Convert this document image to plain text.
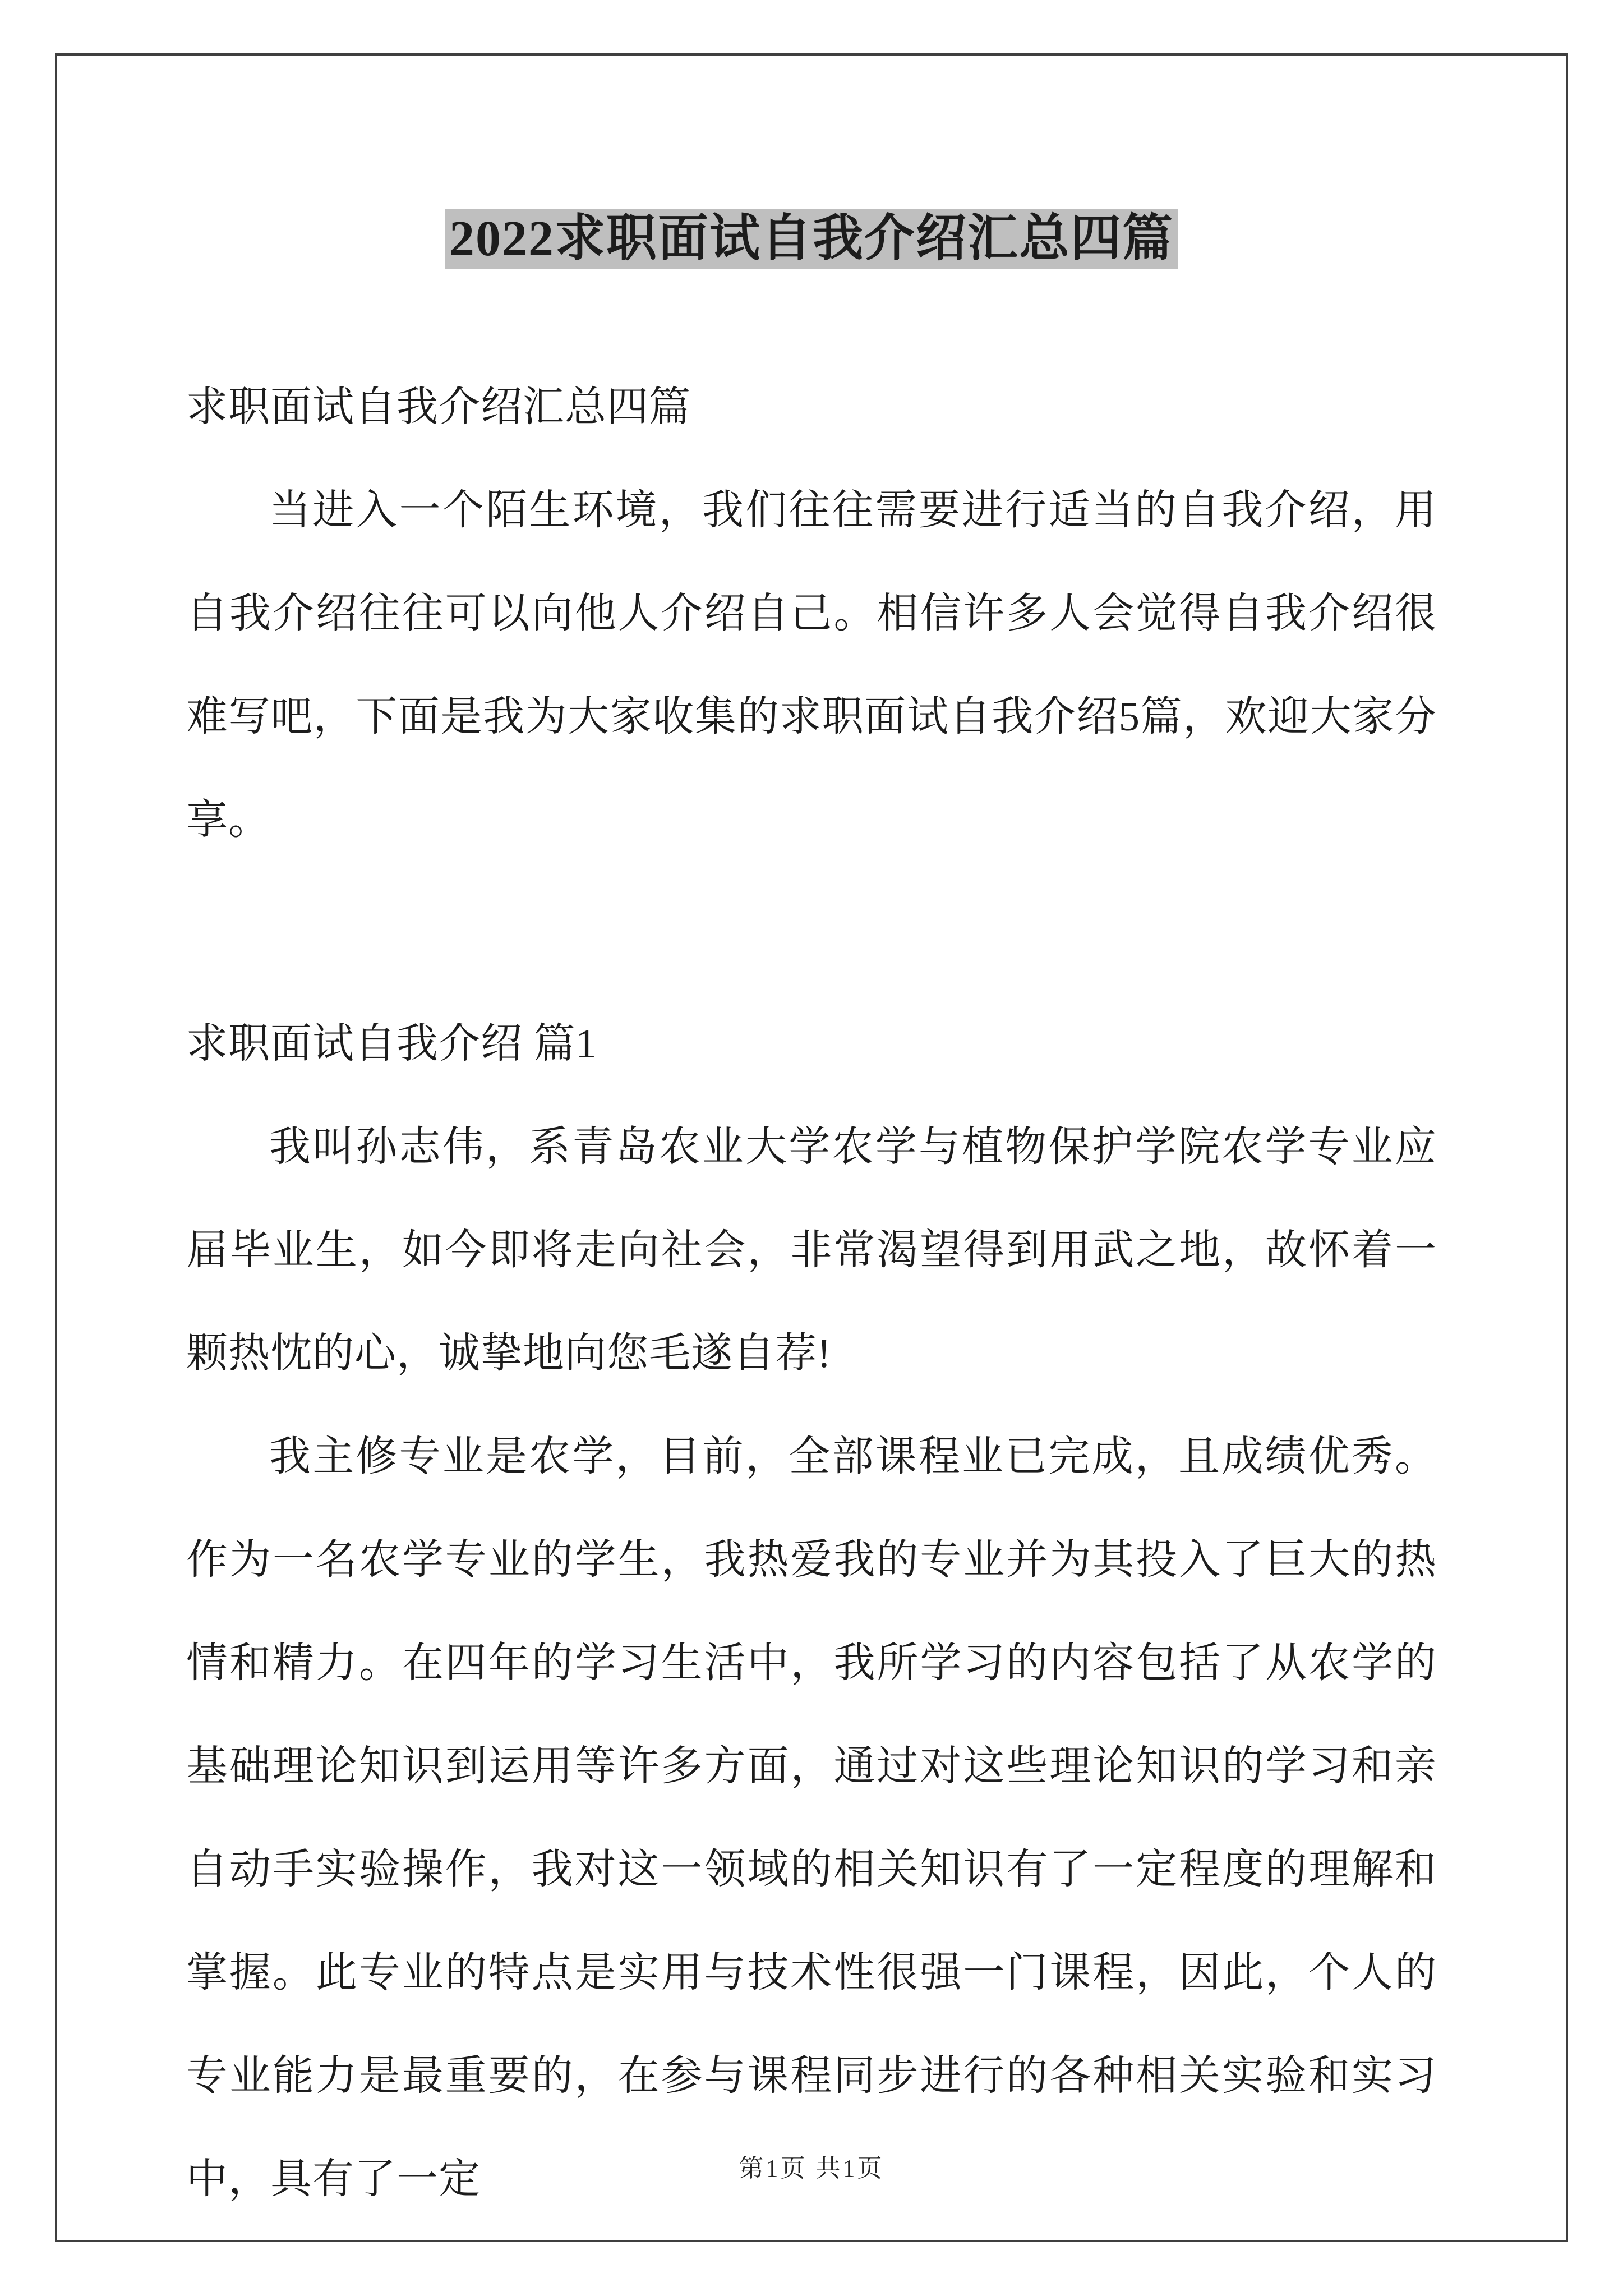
2022求职面试自我介绍汇总四篇

求职面试自我介绍汇总四篇

当进入一个陌生环境，我们往往需要进行适当的自我介绍，用自我介绍往往可以向他人介绍自己。相信许多人会觉得自我介绍很难写吧，下面是我为大家收集的求职面试自我介绍5篇，欢迎大家分享。

求职面试自我介绍 篇1

我叫孙志伟，系青岛农业大学农学与植物保护学院农学专业应届毕业生，如今即将走向社会，非常渴望得到用武之地，故怀着一颗热忱的心，诚挚地向您毛遂自荐!

我主修专业是农学，目前，全部课程业已完成，且成绩优秀。作为一名农学专业的学生，我热爱我的专业并为其投入了巨大的热情和精力。在四年的学习生活中，我所学习的内容包括了从农学的基础理论知识到运用等许多方面，通过对这些理论知识的学习和亲自动手实验操作，我对这一领域的相关知识有了一定程度的理解和掌握。此专业的特点是实用与技术性很强一门课程，因此，个人的专业能力是最重要的，在参与课程同步进行的各种相关实验和实习中，具有了一定	第1页 共1页
